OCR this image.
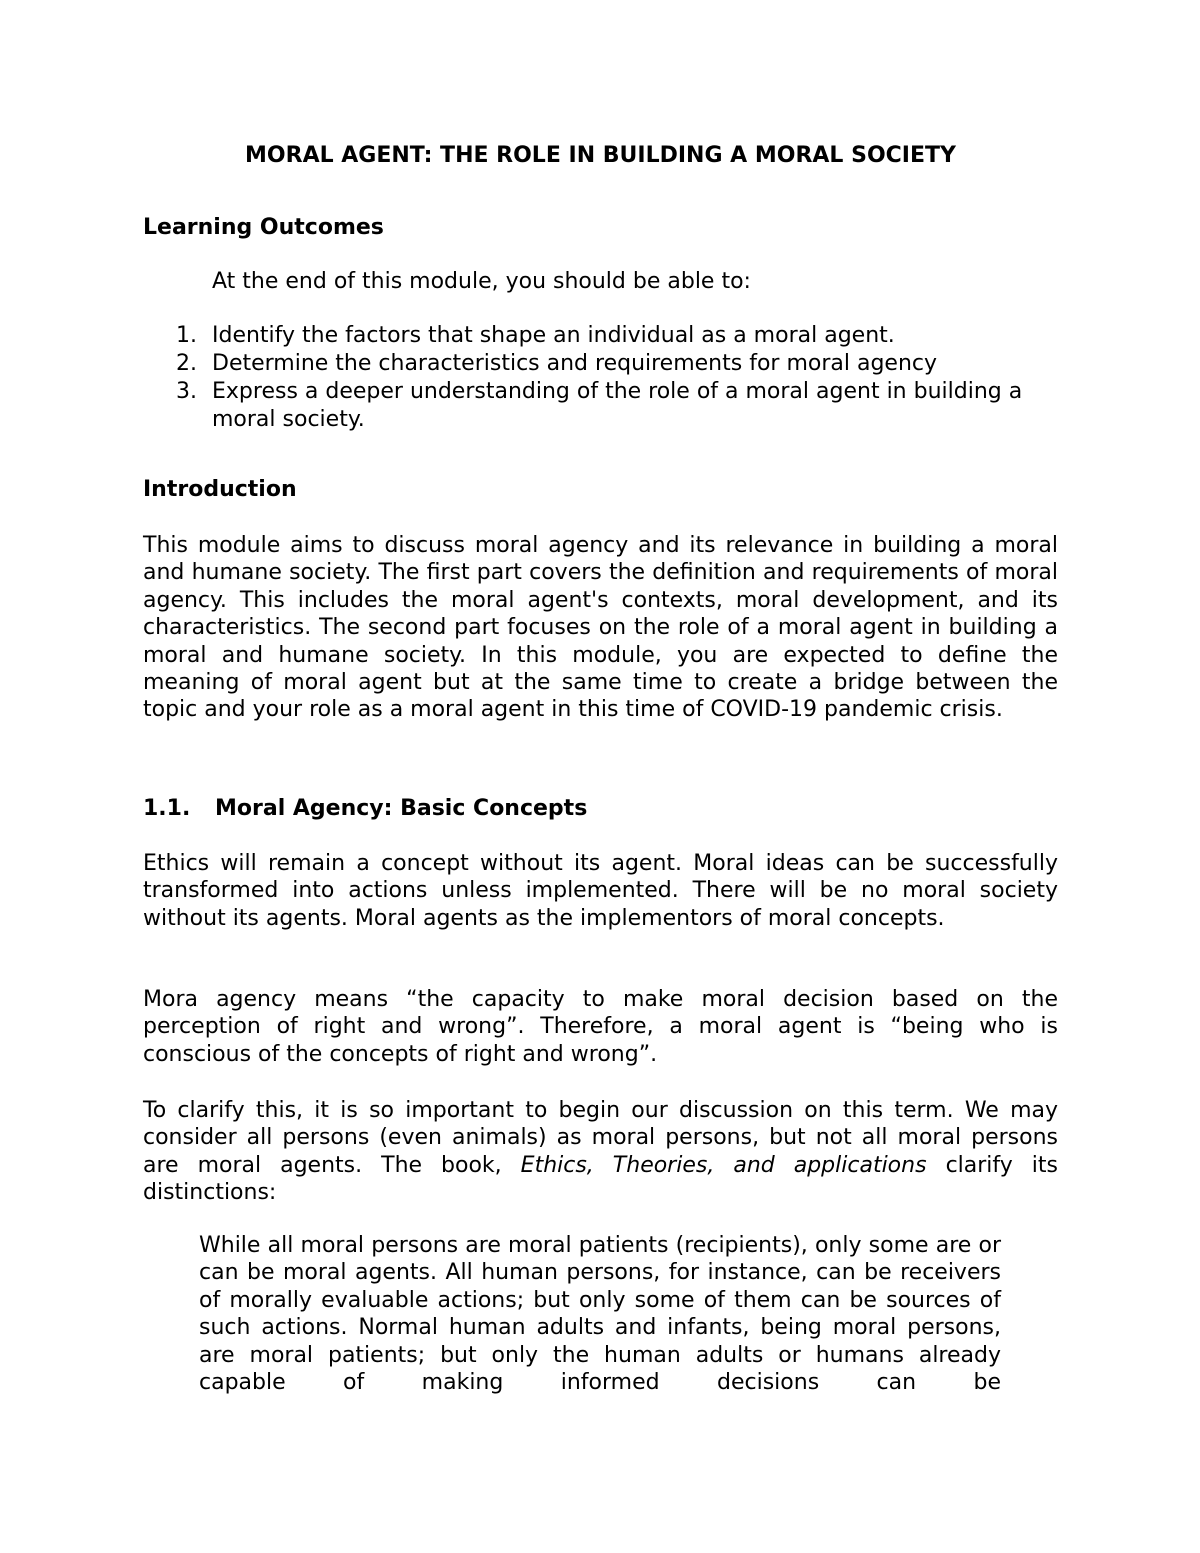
MORAL AGENT: THE ROLE IN BUILDING A MORAL SOCIETY
Learning Outcomes

At the end of this module, you should be able to:

1. Identify the factors that shape an individual as a moral agent.
2. Determine the characteristics and requirements for moral agency
3. Express a deeper understanding of the role of a moral agent in building a moral society.
Introduction

This module aims to discuss moral agency and its relevance in building a moral and humane society. The first part covers the definition and requirements of moral agency. This includes the moral agent's contexts, moral development, and its characteristics. The second part focuses on the role of a moral agent in building a moral and humane society. In this module, you are expected to define the meaning of moral agent but at the same time to create a bridge between the topic and your role as a moral agent in this time of COVID-19 pandemic crisis.

1.1. Moral Agency: Basic Concepts

Ethics will remain a concept without its agent. Moral ideas can be successfully transformed into actions unless implemented. There will be no moral society without its agents. Moral agents as the implementors of moral concepts.

Mora agency means “the capacity to make moral decision based on the perception of right and wrong”. Therefore, a moral agent is “being who is conscious of the concepts of right and wrong”.

To clarify this, it is so important to begin our discussion on this term. We may consider all persons (even animals) as moral persons, but not all moral persons are moral agents. The book, Ethics, Theories, and applications clarify its distinctions:

While all moral persons are moral patients (recipients), only some are or can be moral agents. All human persons, for instance, can be receivers of morally evaluable actions; but only some of them can be sources of such actions. Normal human adults and infants, being moral persons, are moral patients; but only the human adults or humans already capable of making informed decisions can be
